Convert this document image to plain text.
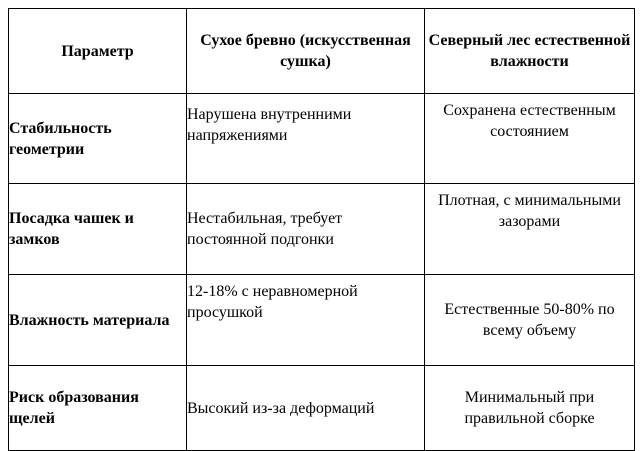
Параметр	Сухое бревно (искусственная сушка)	Северный лес естественной влажности

Стабильность геометрии	Нарушена внутренними напряжениями	Сохранена естественным состоянием

Посадка чашек и замков	Нестабильная, требует постоянной подгонки	Плотная, с минимальными зазорами

Влажность материала	12-18% с неравномерной просушкой	Естественные 50-80% по всему объему

Риск образования щелей	Высокий из-за деформаций	Минимальный при правильной сборке
